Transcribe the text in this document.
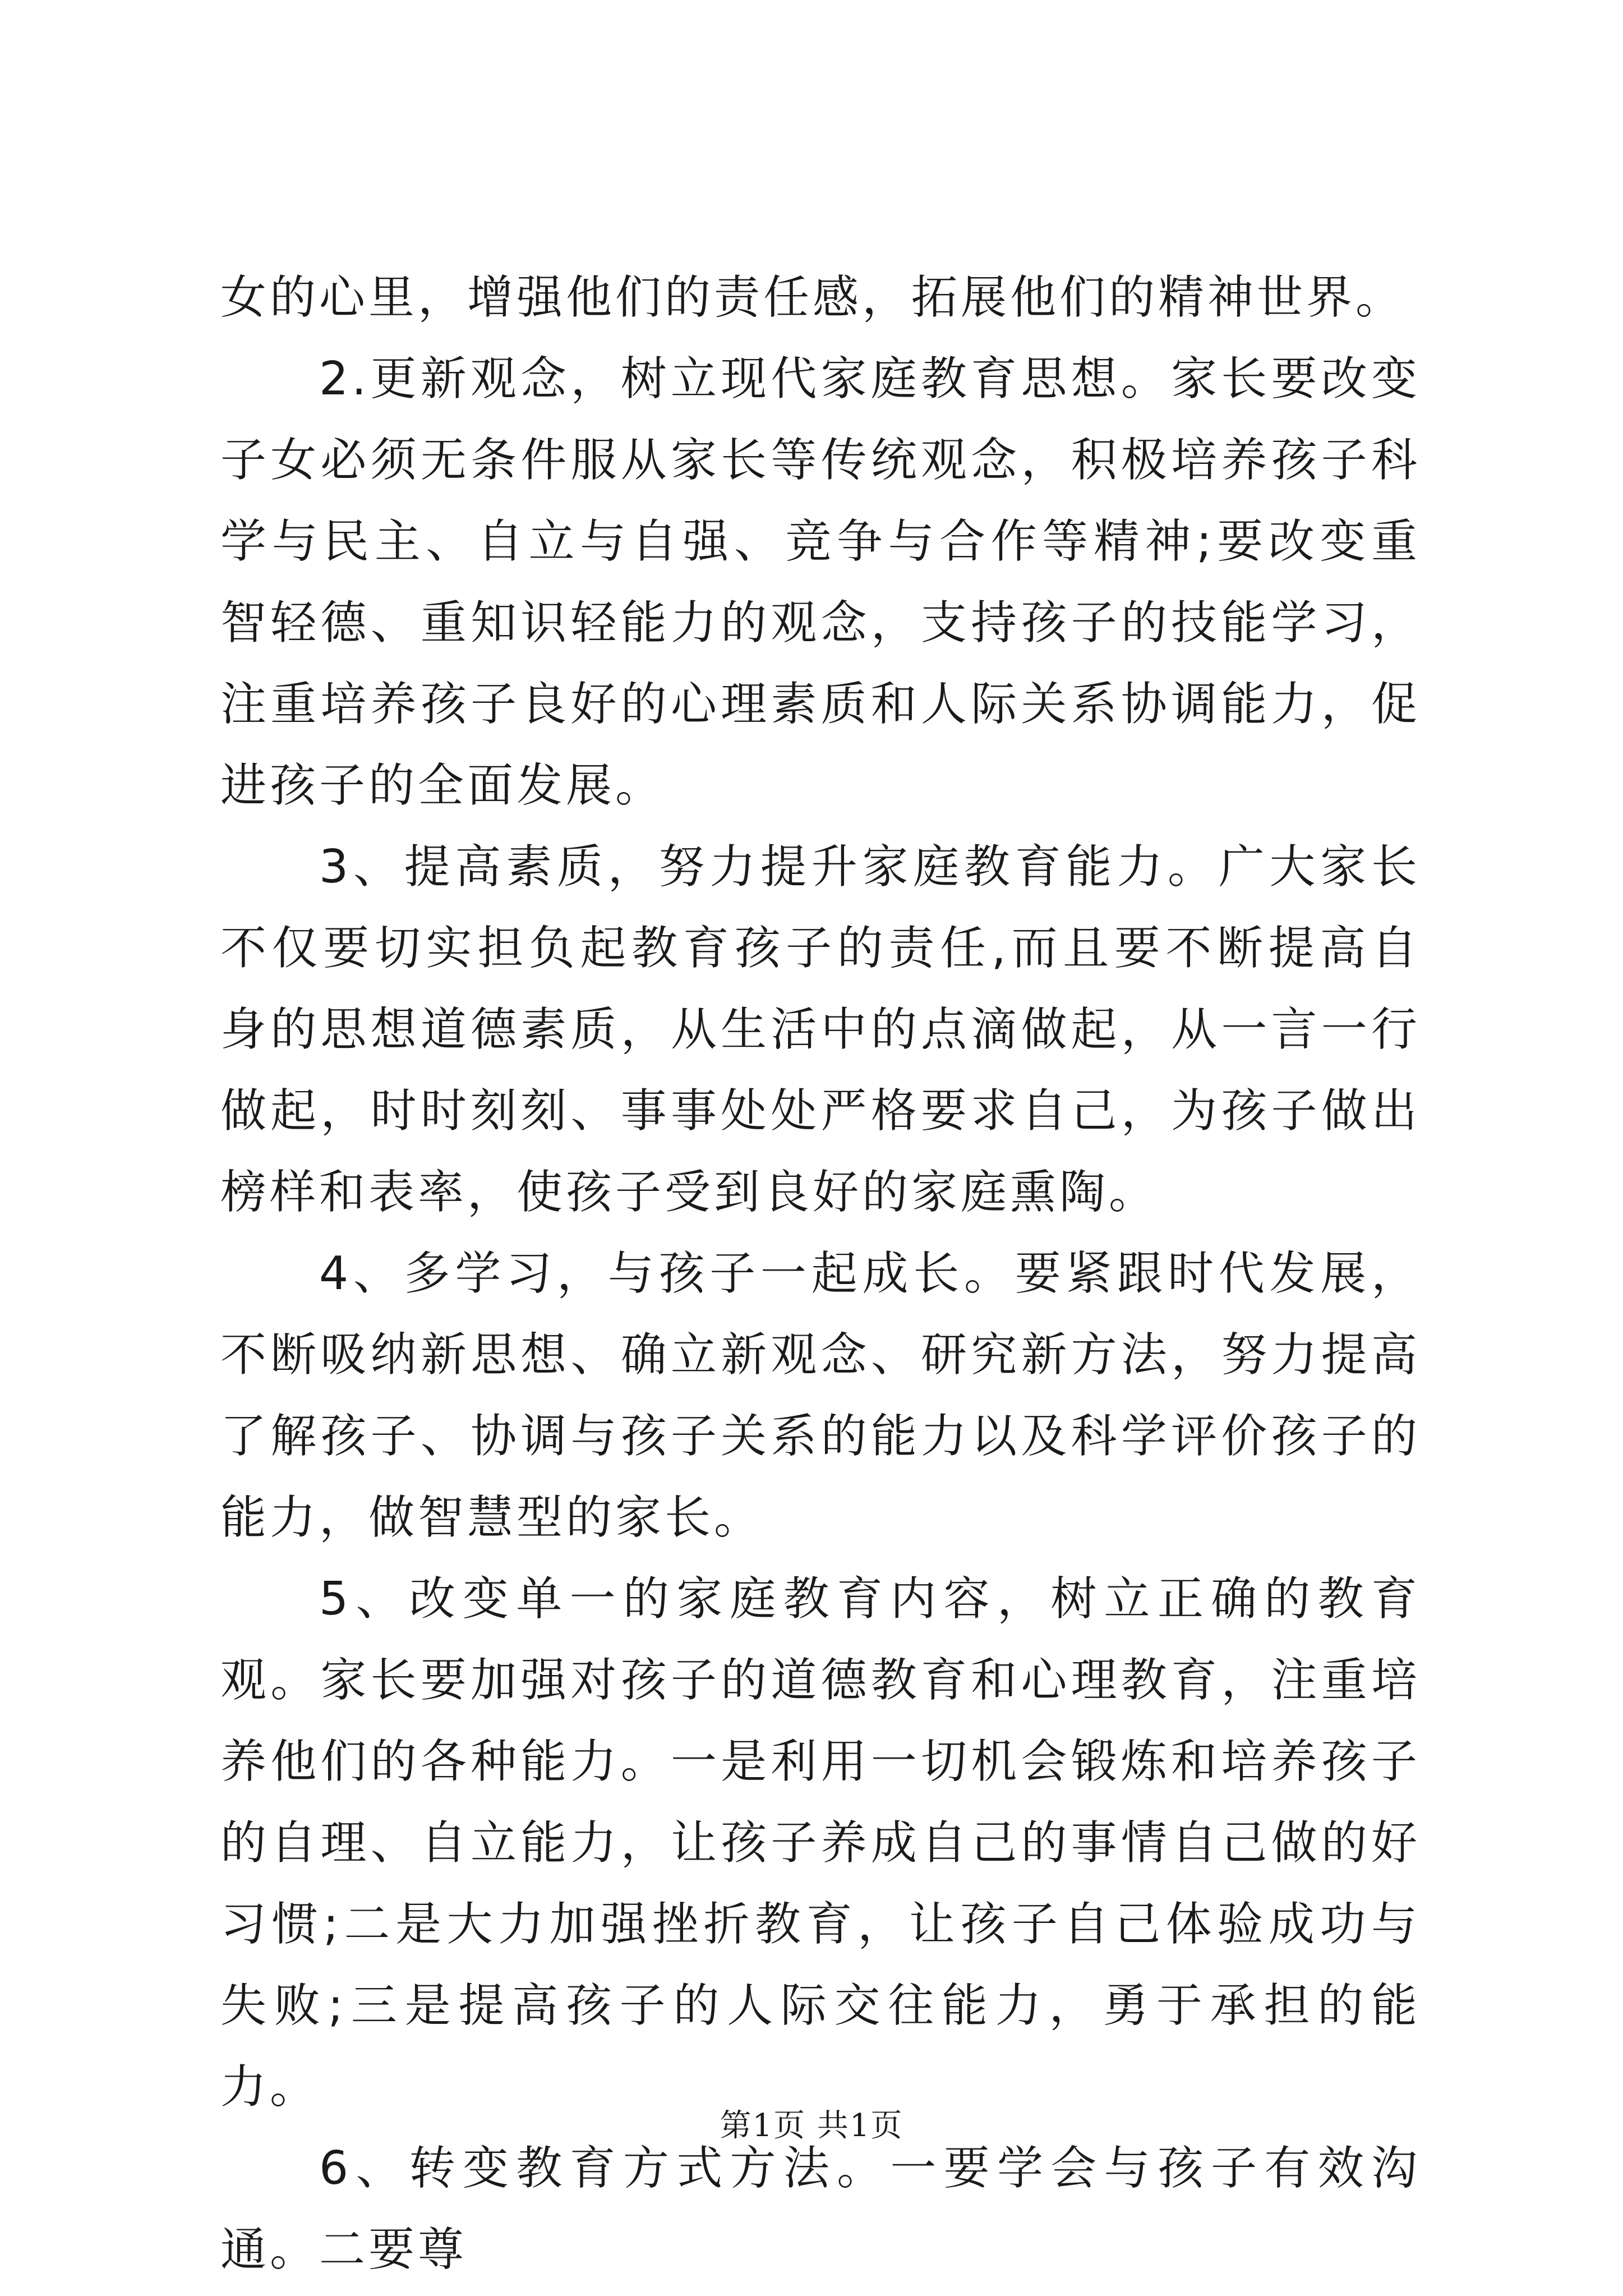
女的心里，增强他们的责任感，拓展他们的精神世界。

2.更新观念，树立现代家庭教育思想。家长要改变子女必须无条件服从家长等传统观念，积极培养孩子科学与民主、自立与自强、竞争与合作等精神;要改变重智轻德、重知识轻能力的观念，支持孩子的技能学习，注重培养孩子良好的心理素质和人际关系协调能力，促进孩子的全面发展。

3、提高素质，努力提升家庭教育能力。广大家长不仅要切实担负起教育孩子的责任,而且要不断提高自身的思想道德素质，从生活中的点滴做起，从一言一行做起，时时刻刻、事事处处严格要求自己，为孩子做出榜样和表率，使孩子受到良好的家庭熏陶。

4、多学习，与孩子一起成长。要紧跟时代发展，不断吸纳新思想、确立新观念、研究新方法，努力提高了解孩子、协调与孩子关系的能力以及科学评价孩子的能力，做智慧型的家长。

5、改变单一的家庭教育内容，树立正确的教育观。家长要加强对孩子的道德教育和心理教育，注重培养他们的各种能力。一是利用一切机会锻炼和培养孩子的自理、自立能力，让孩子养成自己的事情自己做的好习惯;二是大力加强挫折教育，让孩子自己体验成功与失败;三是提高孩子的人际交往能力，勇于承担的能力。

6、转变教育方式方法。一要学会与孩子有效沟通。二要尊

第1页 共1页
